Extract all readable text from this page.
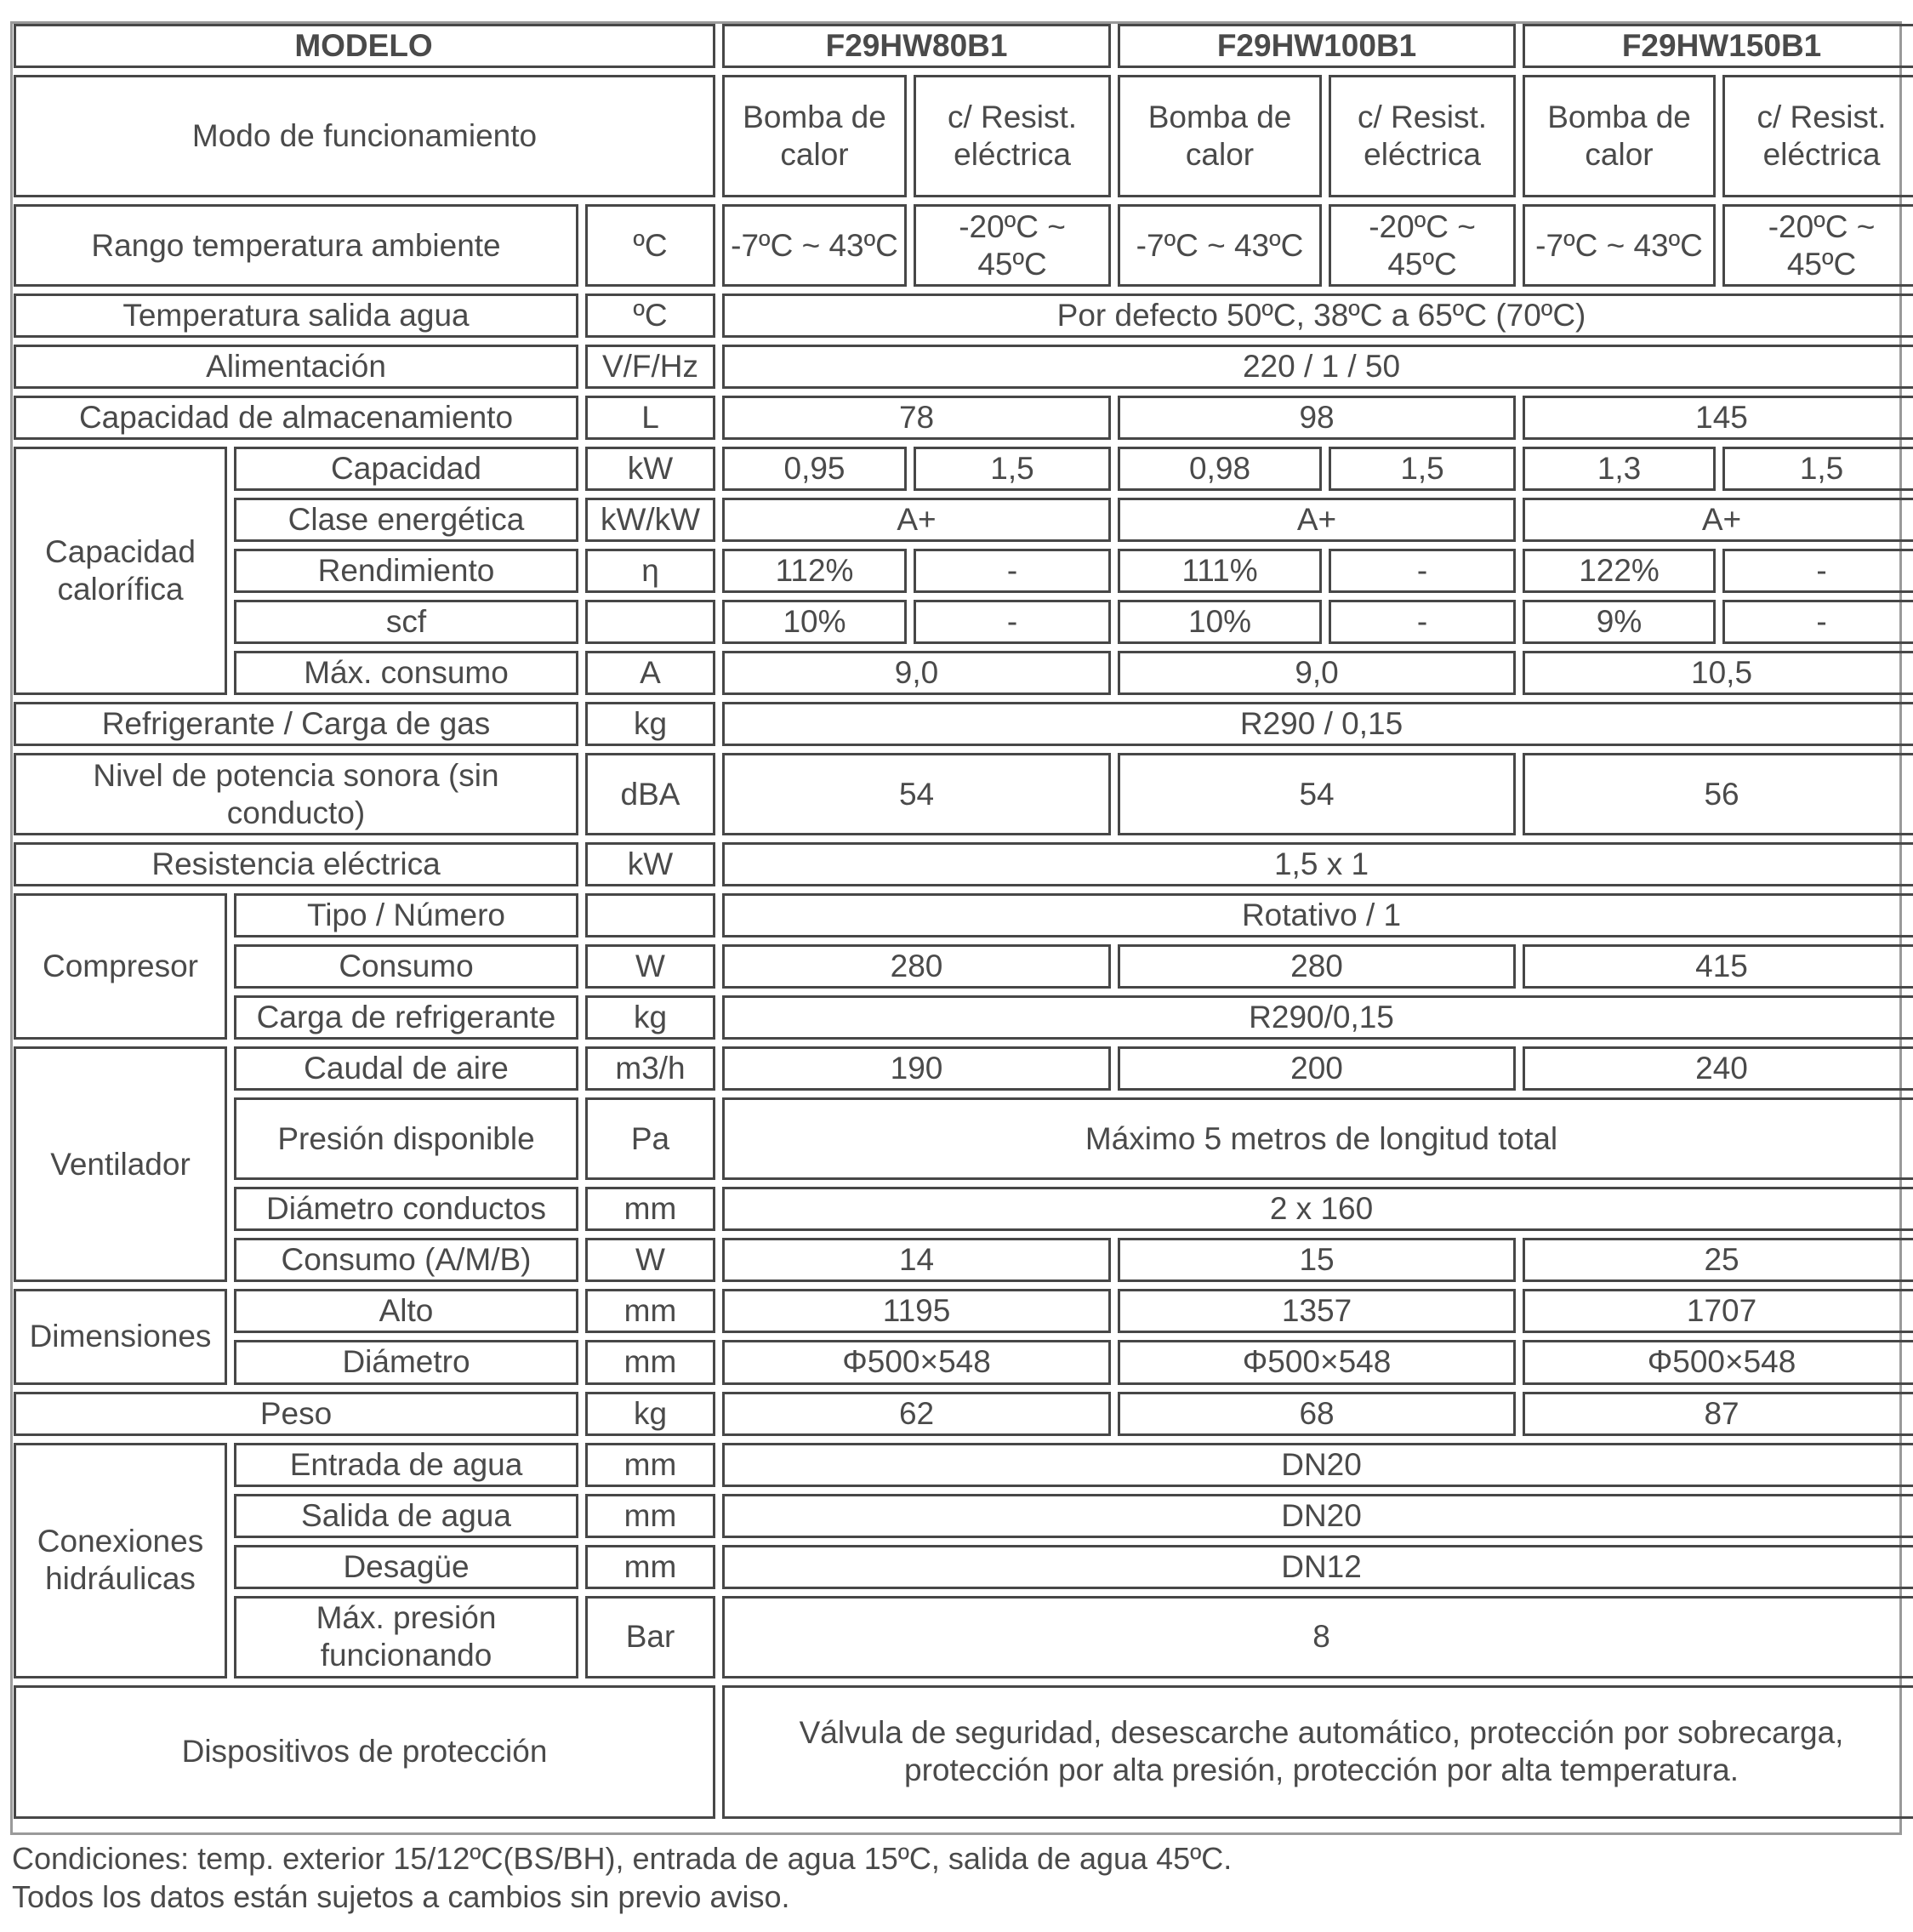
MODELO			F29HW80B1		F29HW100B1		F29HW150B1	
Modo de funcionamiento			Bomba de calor	c/ Resist. eléctrica	Bomba de calor	c/ Resist. eléctrica	Bomba de calor	c/ Resist. eléctrica
Rango temperatura ambiente		ºC	-7ºC ~ 43ºC	-20ºC ~ 45ºC	-7ºC ~ 43ºC	-20ºC ~ 45ºC	-7ºC ~ 43ºC	-20ºC ~ 45ºC
Temperatura salida agua		ºC	Por defecto 50ºC, 38ºC a 65ºC (70ºC)					
Alimentación		V/F/Hz	220 / 1 / 50					
Capacidad de almacenamiento		L	78		98		145	
Capacidad calorífica	Capacidad	kW	0,95	1,5	0,98	1,5	1,3	1,5
	Clase energética	kW/kW	A+		A+		A+	
	Rendimiento	η	112%	-	111%	-	122%	-
	scf		10%	-	10%	-	9%	-
	Máx. consumo	A	9,0		9,0		10,5	
Refrigerante / Carga de gas		kg	R290 / 0,15					
Nivel de potencia sonora (sin conducto)		dBA	54		54		56	
Resistencia eléctrica		kW	1,5 x 1					
Compresor	Tipo / Número		Rotativo / 1					
	Consumo	W	280		280		415	
	Carga de refrigerante	kg	R290/0,15					
Ventilador	Caudal de aire	m3/h	190		200		240	
	Presión disponible	Pa	Máximo 5 metros de longitud total					
	Diámetro conductos	mm	2 x 160					
	Consumo (A/M/B)	W	14		15		25	
Dimensiones	Alto	mm	1195		1357		1707	
	Diámetro	mm	Φ500×548		Φ500×548		Φ500×548	
Peso		kg	62		68		87	
Conexiones hidráulicas	Entrada de agua	mm	DN20					
	Salida de agua	mm	DN20					
	Desagüe	mm	DN12					
	Máx. presión funcionando	Bar	8					
Dispositivos de protección			Válvula de seguridad, desescarche automático, protección por sobrecarga, protección por alta presión, protección por alta temperatura.					
Condiciones: temp. exterior 15/12ºC(BS/BH), entrada de agua 15ºC, salida de agua 45ºC.
Todos los datos están sujetos a cambios sin previo aviso.
